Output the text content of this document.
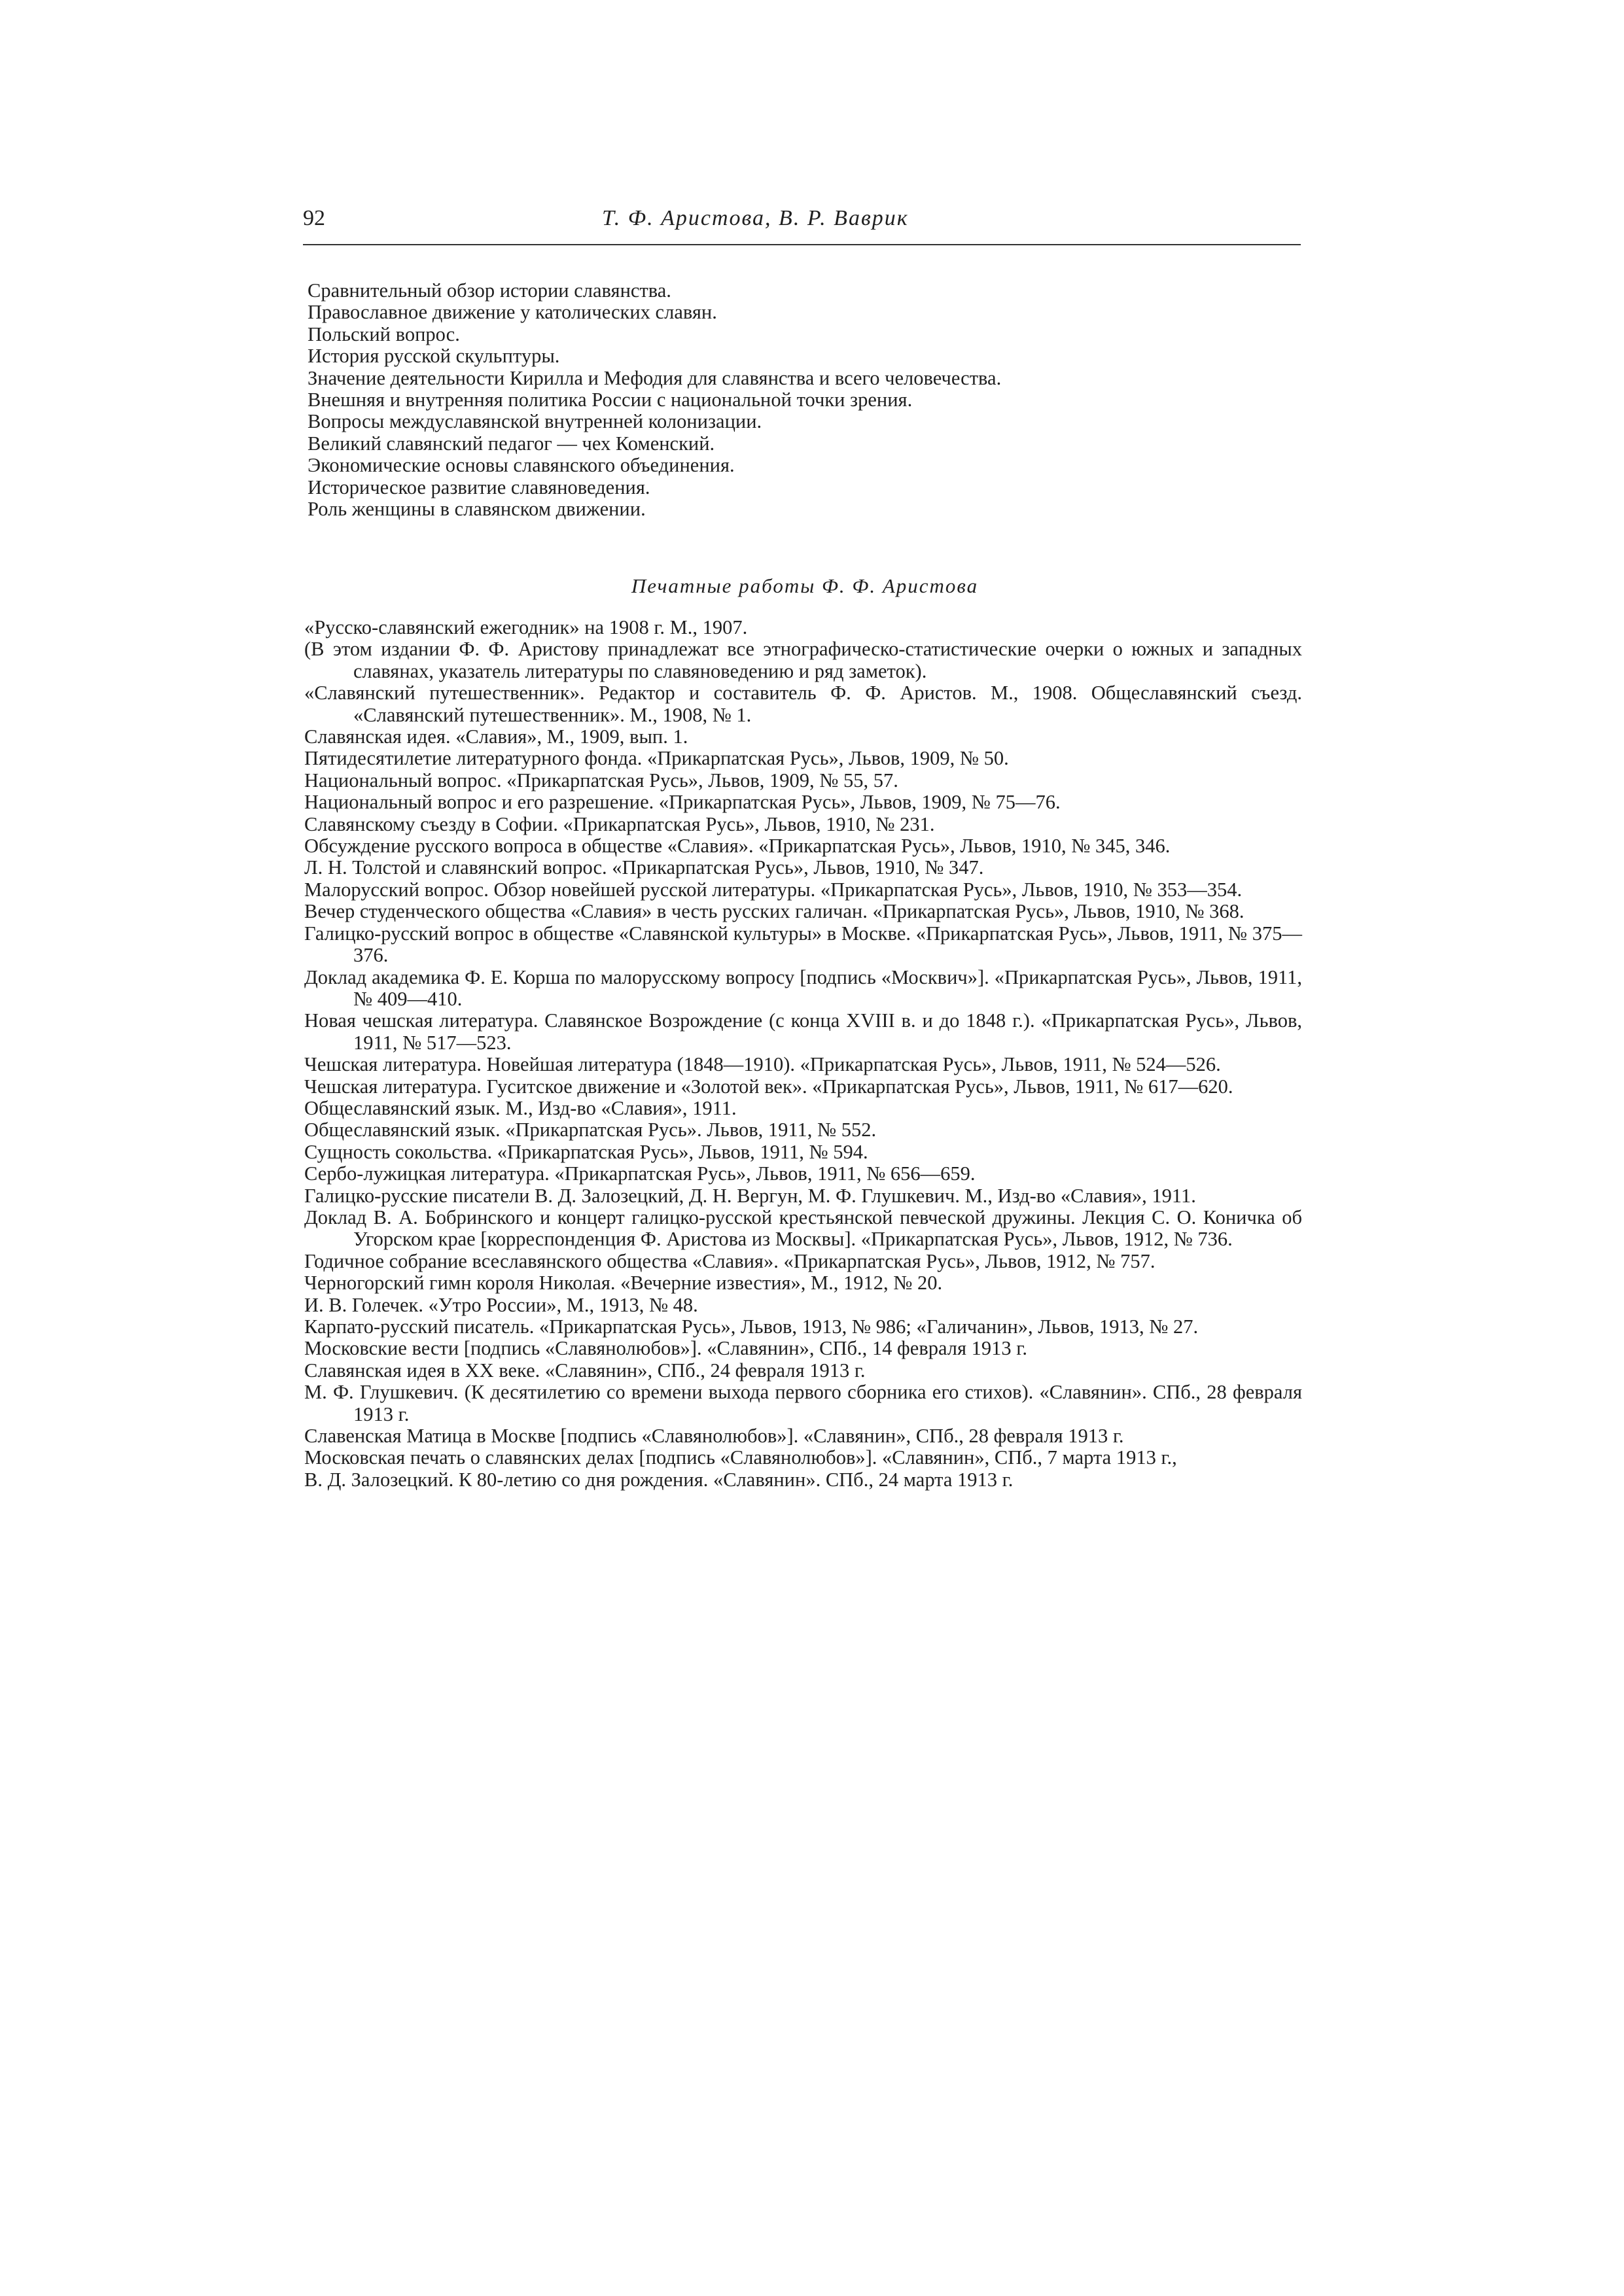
92	Т. Ф. Аристова, В. Р. Ваврик
Сравнительный обзор истории славянства.
Православное движение у католических славян.
Польский вопрос.
История русской скульптуры.
Значение деятельности Кирилла и Мефодия для славянства и всего человечества.
Внешняя и внутренняя политика России с национальной точки зрения.
Вопросы междуславянской внутренней колонизации.
Великий славянский педагог — чех Коменский.
Экономические основы славянского объединения.
Историческое развитие славяноведения.
Роль женщины в славянском движении.
Печатные работы Ф. Ф. Аристова
«Русско-славянский ежегодник» на 1908 г. М., 1907.
(В этом издании Ф. Ф. Аристову принадлежат все этнографическо-статистические очерки о южных и западных славянах, указатель литературы по славяноведению и ряд заметок).
«Славянский путешественник». Редактор и составитель Ф. Ф. Аристов. М., 1908. Общеславянский съезд. «Славянский путешественник». М., 1908, № 1.
Славянская идея. «Славия», М., 1909, вып. 1.
Пятидесятилетие литературного фонда. «Прикарпатская Русь», Львов, 1909, № 50.
Национальный вопрос. «Прикарпатская Русь», Львов, 1909, № 55, 57.
Национальный вопрос и его разрешение. «Прикарпатская Русь», Львов, 1909, № 75—76.
Славянскому съезду в Софии. «Прикарпатская Русь», Львов, 1910, № 231.
Обсуждение русского вопроса в обществе «Славия». «Прикарпатская Русь», Львов, 1910, № 345, 346.
Л. Н. Толстой и славянский вопрос. «Прикарпатская Русь», Львов, 1910, № 347.
Малорусский вопрос. Обзор новейшей русской литературы. «Прикарпатская Русь», Львов, 1910, № 353—354.
Вечер студенческого общества «Славия» в честь русских галичан. «Прикарпатская Русь», Львов, 1910, № 368.
Галицко-русский вопрос в обществе «Славянской культуры» в Москве. «Прикарпатская Русь», Львов, 1911, № 375—376.
Доклад академика Ф. Е. Корша по малорусскому вопросу [подпись «Москвич»]. «Прикарпатская Русь», Львов, 1911, № 409—410.
Новая чешская литература. Славянское Возрождение (с конца XVIII в. и до 1848 г.). «Прикарпатская Русь», Львов, 1911, № 517—523.
Чешская литература. Новейшая литература (1848—1910). «Прикарпатская Русь», Львов, 1911, № 524—526.
Чешская литература. Гуситское движение и «Золотой век». «Прикарпатская Русь», Львов, 1911, № 617—620.
Общеславянский язык. М., Изд-во «Славия», 1911.
Общеславянский язык. «Прикарпатская Русь». Львов, 1911, № 552.
Сущность сокольства. «Прикарпатская Русь», Львов, 1911, № 594.
Сербо-лужицкая литература. «Прикарпатская Русь», Львов, 1911, № 656—659.
Галицко-русские писатели В. Д. Залозецкий, Д. Н. Вергун, М. Ф. Глушкевич. М., Изд-во «Славия», 1911.
Доклад В. А. Бобринского и концерт галицко-русской крестьянской певческой дружины. Лекция С. О. Коничка об Угорском крае [корреспонденция Ф. Аристова из Москвы]. «Прикарпатская Русь», Львов, 1912, № 736.
Годичное собрание всеславянского общества «Славия». «Прикарпатская Русь», Львов, 1912, № 757.
Черногорский гимн короля Николая. «Вечерние известия», М., 1912, № 20.
И. В. Голечек. «Утро России», М., 1913, № 48.
Карпато-русский писатель. «Прикарпатская Русь», Львов, 1913, № 986; «Галичанин», Львов, 1913, № 27.
Московские вести [подпись «Славянолюбов»]. «Славянин», СПб., 14 февраля 1913 г.
Славянская идея в XX веке. «Славянин», СПб., 24 февраля 1913 г.
М. Ф. Глушкевич. (К десятилетию со времени выхода первого сборника его стихов). «Славянин». СПб., 28 февраля 1913 г.
Славенская Матица в Москве [подпись «Славянолюбов»]. «Славянин», СПб., 28 февраля 1913 г.
Московская печать о славянских делах [подпись «Славянолюбов»]. «Славянин», СПб., 7 марта 1913 г.,
В. Д. Залозецкий. К 80-летию со дня рождения. «Славянин». СПб., 24 марта 1913 г.
